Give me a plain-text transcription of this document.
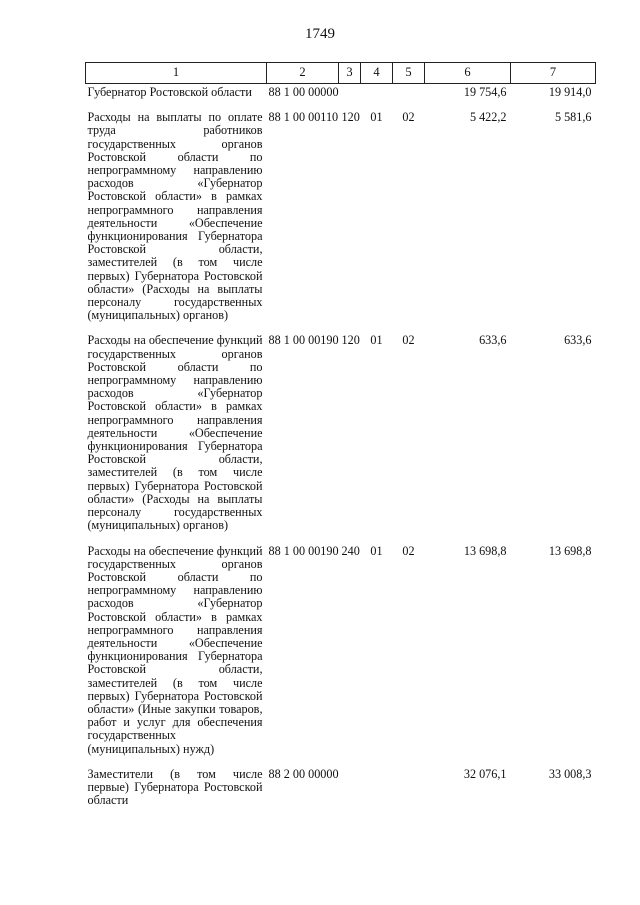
1749
1	2	3	4	5	6	7
Губернатор Ростовской области	88 1 00 00000				19 754,6	19 914,0
Расходы на выплаты по оплате труда работников государственных органов Ростовской области по непрограммному направлению расходов «Губернатор Ростовской области» в рамках непрограммного направления деятельности «Обеспечение функционирования Губернатора Ростовской области, заместителей (в том числе первых) Губернатора Ростовской области» (Расходы на выплаты персоналу государственных (муниципальных) органов)	88 1 00 00110	120	01	02	5 422,2	5 581,6
Расходы на обеспечение функций государственных органов Ростовской области по непрограммному направлению расходов «Губернатор Ростовской области» в рамках непрограммного направления деятельности «Обеспечение функционирования Губернатора Ростовской области, заместителей (в том числе первых) Губернатора Ростовской области» (Расходы на выплаты персоналу государственных (муниципальных) органов)	88 1 00 00190	120	01	02	633,6	633,6
Расходы на обеспечение функций государственных органов Ростовской области по непрограммному направлению расходов «Губернатор Ростовской области» в рамках непрограммного направления деятельности «Обеспечение функционирования Губернатора Ростовской области, заместителей (в том числе первых) Губернатора Ростовской области» (Иные закупки товаров, работ и услуг для обеспечения государственных (муниципальных) нужд)	88 1 00 00190	240	01	02	13 698,8	13 698,8
Заместители (в том числе первые) Губернатора Ростовской области	88 2 00 00000				32 076,1	33 008,3
